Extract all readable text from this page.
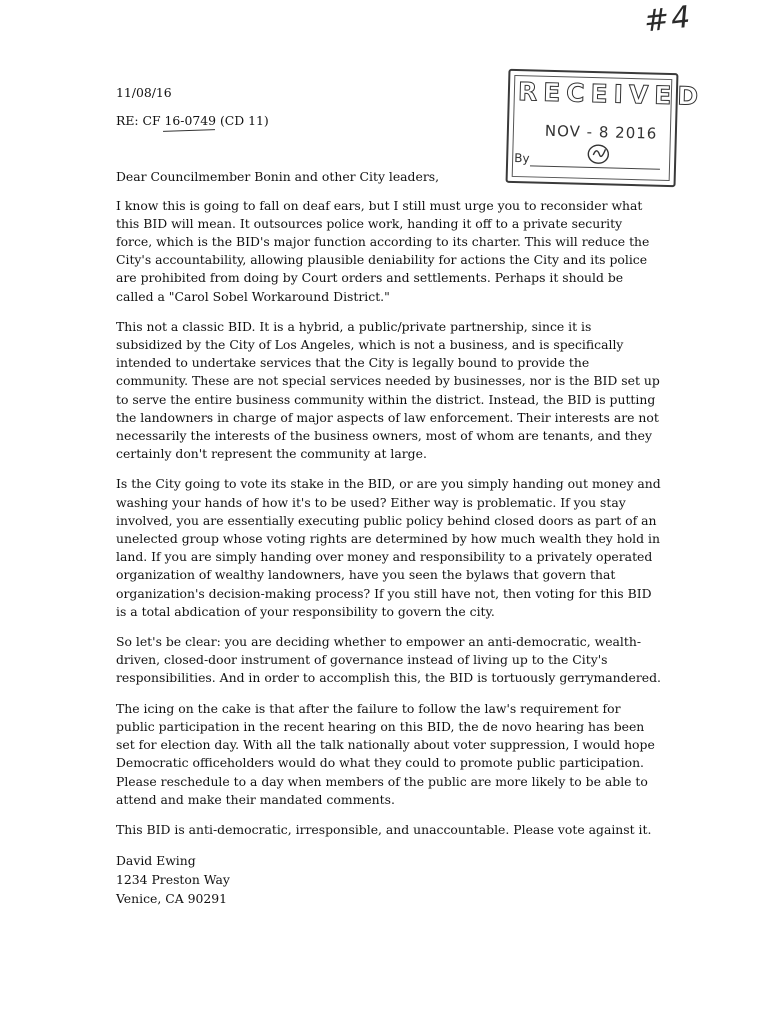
#4
RECEIVED
NOV - 8 2016
By

11/08/16

RE: CF 16-0749 (CD 11)

Dear Councilmember Bonin and other City leaders,

I know this is going to fall on deaf ears, but I still must urge you to reconsider what this BID will mean. It outsources police work, handing it off to a private security force, which is the BID's major function according to its charter. This will reduce the City's accountability, allowing plausible deniability for actions the City and its police are prohibited from doing by Court orders and settlements. Perhaps it should be called a "Carol Sobel Workaround District."

This not a classic BID. It is a hybrid, a public/private partnership, since it is subsidized by the City of Los Angeles, which is not a business, and is specifically intended to undertake services that the City is legally bound to provide the community. These are not special services needed by businesses, nor is the BID set up to serve the entire business community within the district. Instead, the BID is putting the landowners in charge of major aspects of law enforcement. Their interests are not necessarily the interests of the business owners, most of whom are tenants, and they certainly don't represent the community at large.

Is the City going to vote its stake in the BID, or are you simply handing out money and washing your hands of how it's to be used? Either way is problematic. If you stay involved, you are essentially executing public policy behind closed doors as part of an unelected group whose voting rights are determined by how much wealth they hold in land. If you are simply handing over money and responsibility to a privately operated organization of wealthy landowners, have you seen the bylaws that govern that organization's decision-making process? If you still have not, then voting for this BID is a total abdication of your responsibility to govern the city.

So let's be clear: you are deciding whether to empower an anti-democratic, wealth-driven, closed-door instrument of governance instead of living up to the City's responsibilities. And in order to accomplish this, the BID is tortuously gerrymandered.

The icing on the cake is that after the failure to follow the law's requirement for public participation in the recent hearing on this BID, the de novo hearing has been set for election day. With all the talk nationally about voter suppression, I would hope Democratic officeholders would do what they could to promote public participation. Please reschedule to a day when members of the public are more likely to be able to attend and make their mandated comments.

This BID is anti-democratic, irresponsible, and unaccountable. Please vote against it.

David Ewing
1234 Preston Way
Venice, CA 90291
